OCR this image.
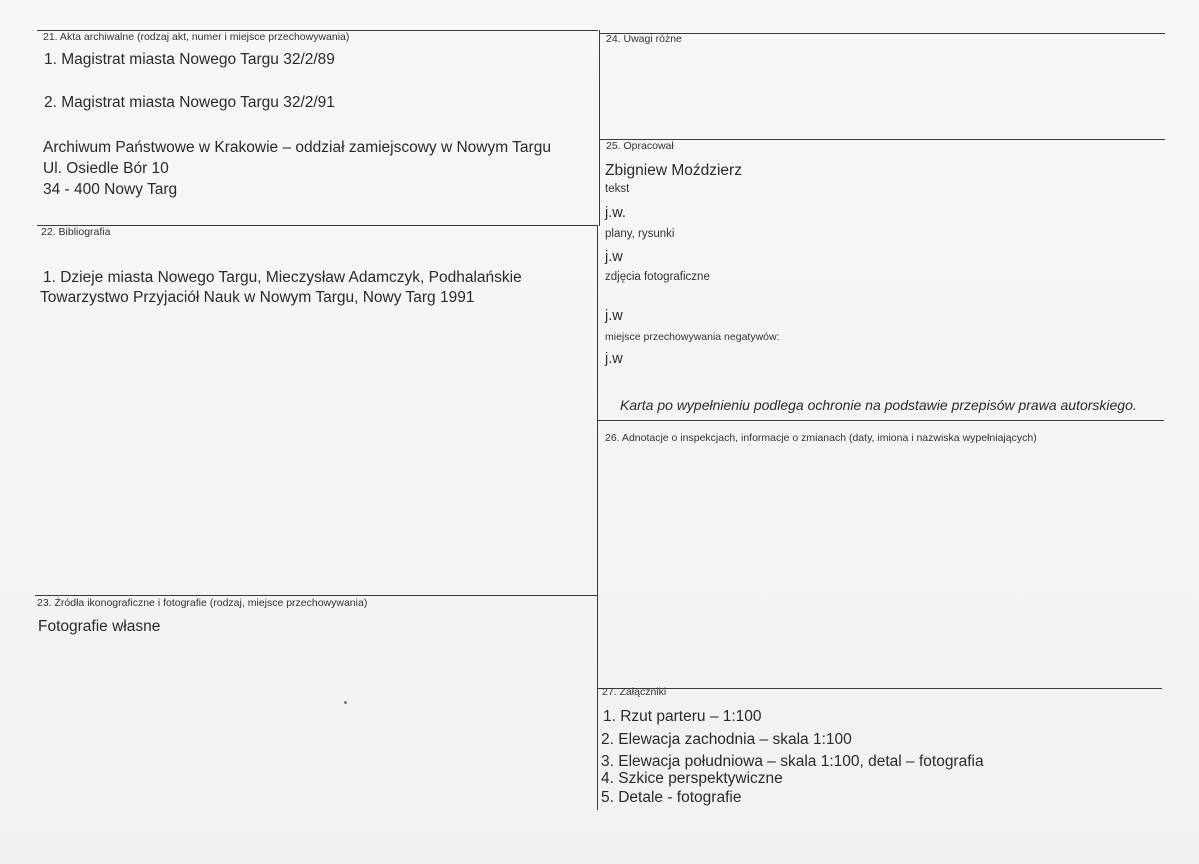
21. Akta archiwalne (rodzaj akt, numer i miejsce przechowywania)
1. Magistrat miasta Nowego Targu 32/2/89
2. Magistrat miasta Nowego Targu 32/2/91
Archiwum Państwowe w Krakowie – oddział zamiejscowy w Nowym Targu
Ul. Osiedle Bór 10
34 - 400 Nowy Targ
22. Bibliografia
1. Dzieje miasta Nowego Targu, Mieczysław Adamczyk, Podhalańskie
Towarzystwo Przyjaciół Nauk w Nowym Targu, Nowy Targ 1991
23. Źródła ikonograficzne i fotografie (rodzaj, miejsce przechowywania)
Fotografie własne
24. Uwagi różne
25. Opracował
Zbigniew Moździerz
tekst
j.w.
plany, rysunki
j.w
zdjęcia fotograficzne
j.w
miejsce przechowywania negatywów:
j.w
Karta po wypełnieniu podlega ochronie na podstawie przepisów prawa autorskiego.
26. Adnotacje o inspekcjach, informacje o zmianach (daty, imiona i nazwiska wypełniających)
27. Załączniki
1. Rzut parteru – 1:100
2. Elewacja zachodnia – skala 1:100
3. Elewacja południowa – skala 1:100, detal – fotografia
4. Szkice perspektywiczne
5. Detale - fotografie
